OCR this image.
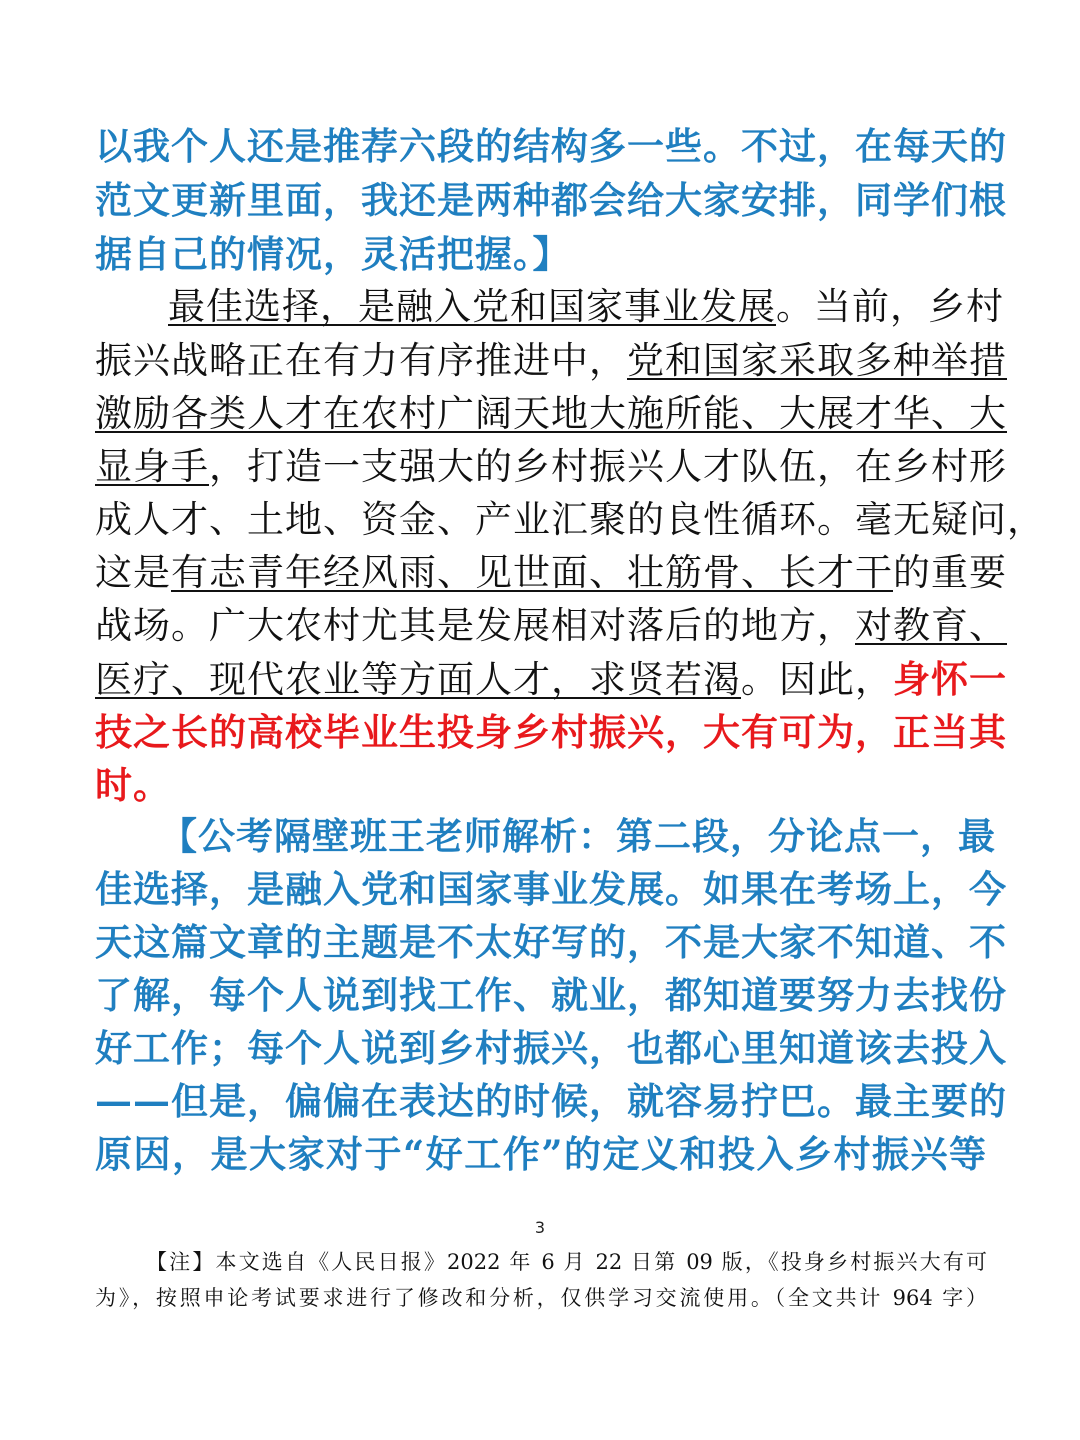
以我个人还是推荐六段的结构多一些。不过，在每天的
范文更新里面，我还是两种都会给大家安排，同学们根
据自己的情况，灵活把握。】
最佳选择，是融入党和国家事业发展。当前，乡村
振兴战略正在有力有序推进中，党和国家采取多种举措
激励各类人才在农村广阔天地大施所能、大展才华、大
显身手，打造一支强大的乡村振兴人才队伍，在乡村形
成人才、土地、资金、产业汇聚的良性循环。毫无疑问，
这是有志青年经风雨、见世面、壮筋骨、长才干的重要
战场。广大农村尤其是发展相对落后的地方，对教育、
医疗、现代农业等方面人才，求贤若渴。因此，身怀一
技之长的高校毕业生投身乡村振兴，大有可为，正当其
时。
【公考隔壁班王老师解析：第二段，分论点一，最
佳选择，是融入党和国家事业发展。如果在考场上，今
天这篇文章的主题是不太好写的，不是大家不知道、不
了解，每个人说到找工作、就业，都知道要努力去找份
好工作；每个人说到乡村振兴，也都心里知道该去投入
——但是，偏偏在表达的时候，就容易拧巴。最主要的
原因，是大家对于“好工作”的定义和投入乡村振兴等
3
【注】本文选自《人民日报》2022 年 6 月 22 日第 09 版，《投身乡村振兴大有可
为》，按照申论考试要求进行了修改和分析，仅供学习交流使用。（全文共计 964 字）
